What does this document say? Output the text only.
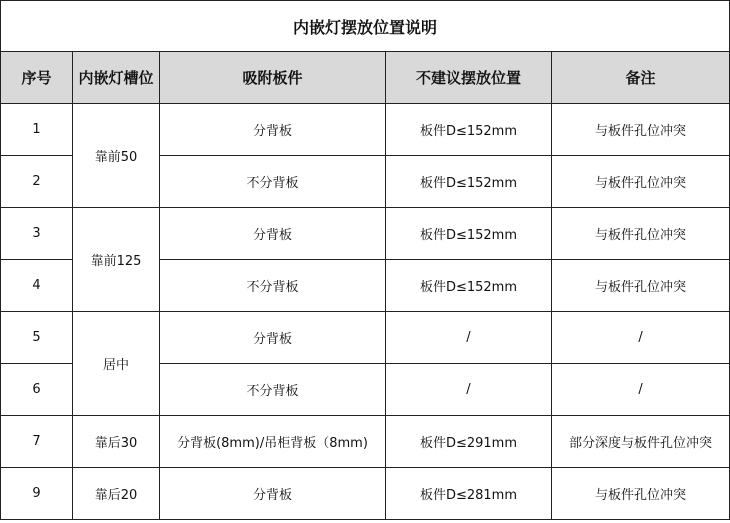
内嵌灯摆放位置说明				
序号	内嵌灯槽位	吸附板件	不建议摆放位置	备注
1	靠前50	分背板	板件D≤152mm	与板件孔位冲突
2		不分背板	板件D≤152mm	与板件孔位冲突
3	靠前125	分背板	板件D≤152mm	与板件孔位冲突
4		不分背板	板件D≤152mm	与板件孔位冲突
5	居中	分背板	/	/
6		不分背板	/	/
7	靠后30	分背板(8mm)/吊柜背板（8mm)	板件D≤291mm	部分深度与板件孔位冲突
9	靠后20	分背板	板件D≤281mm	与板件孔位冲突
